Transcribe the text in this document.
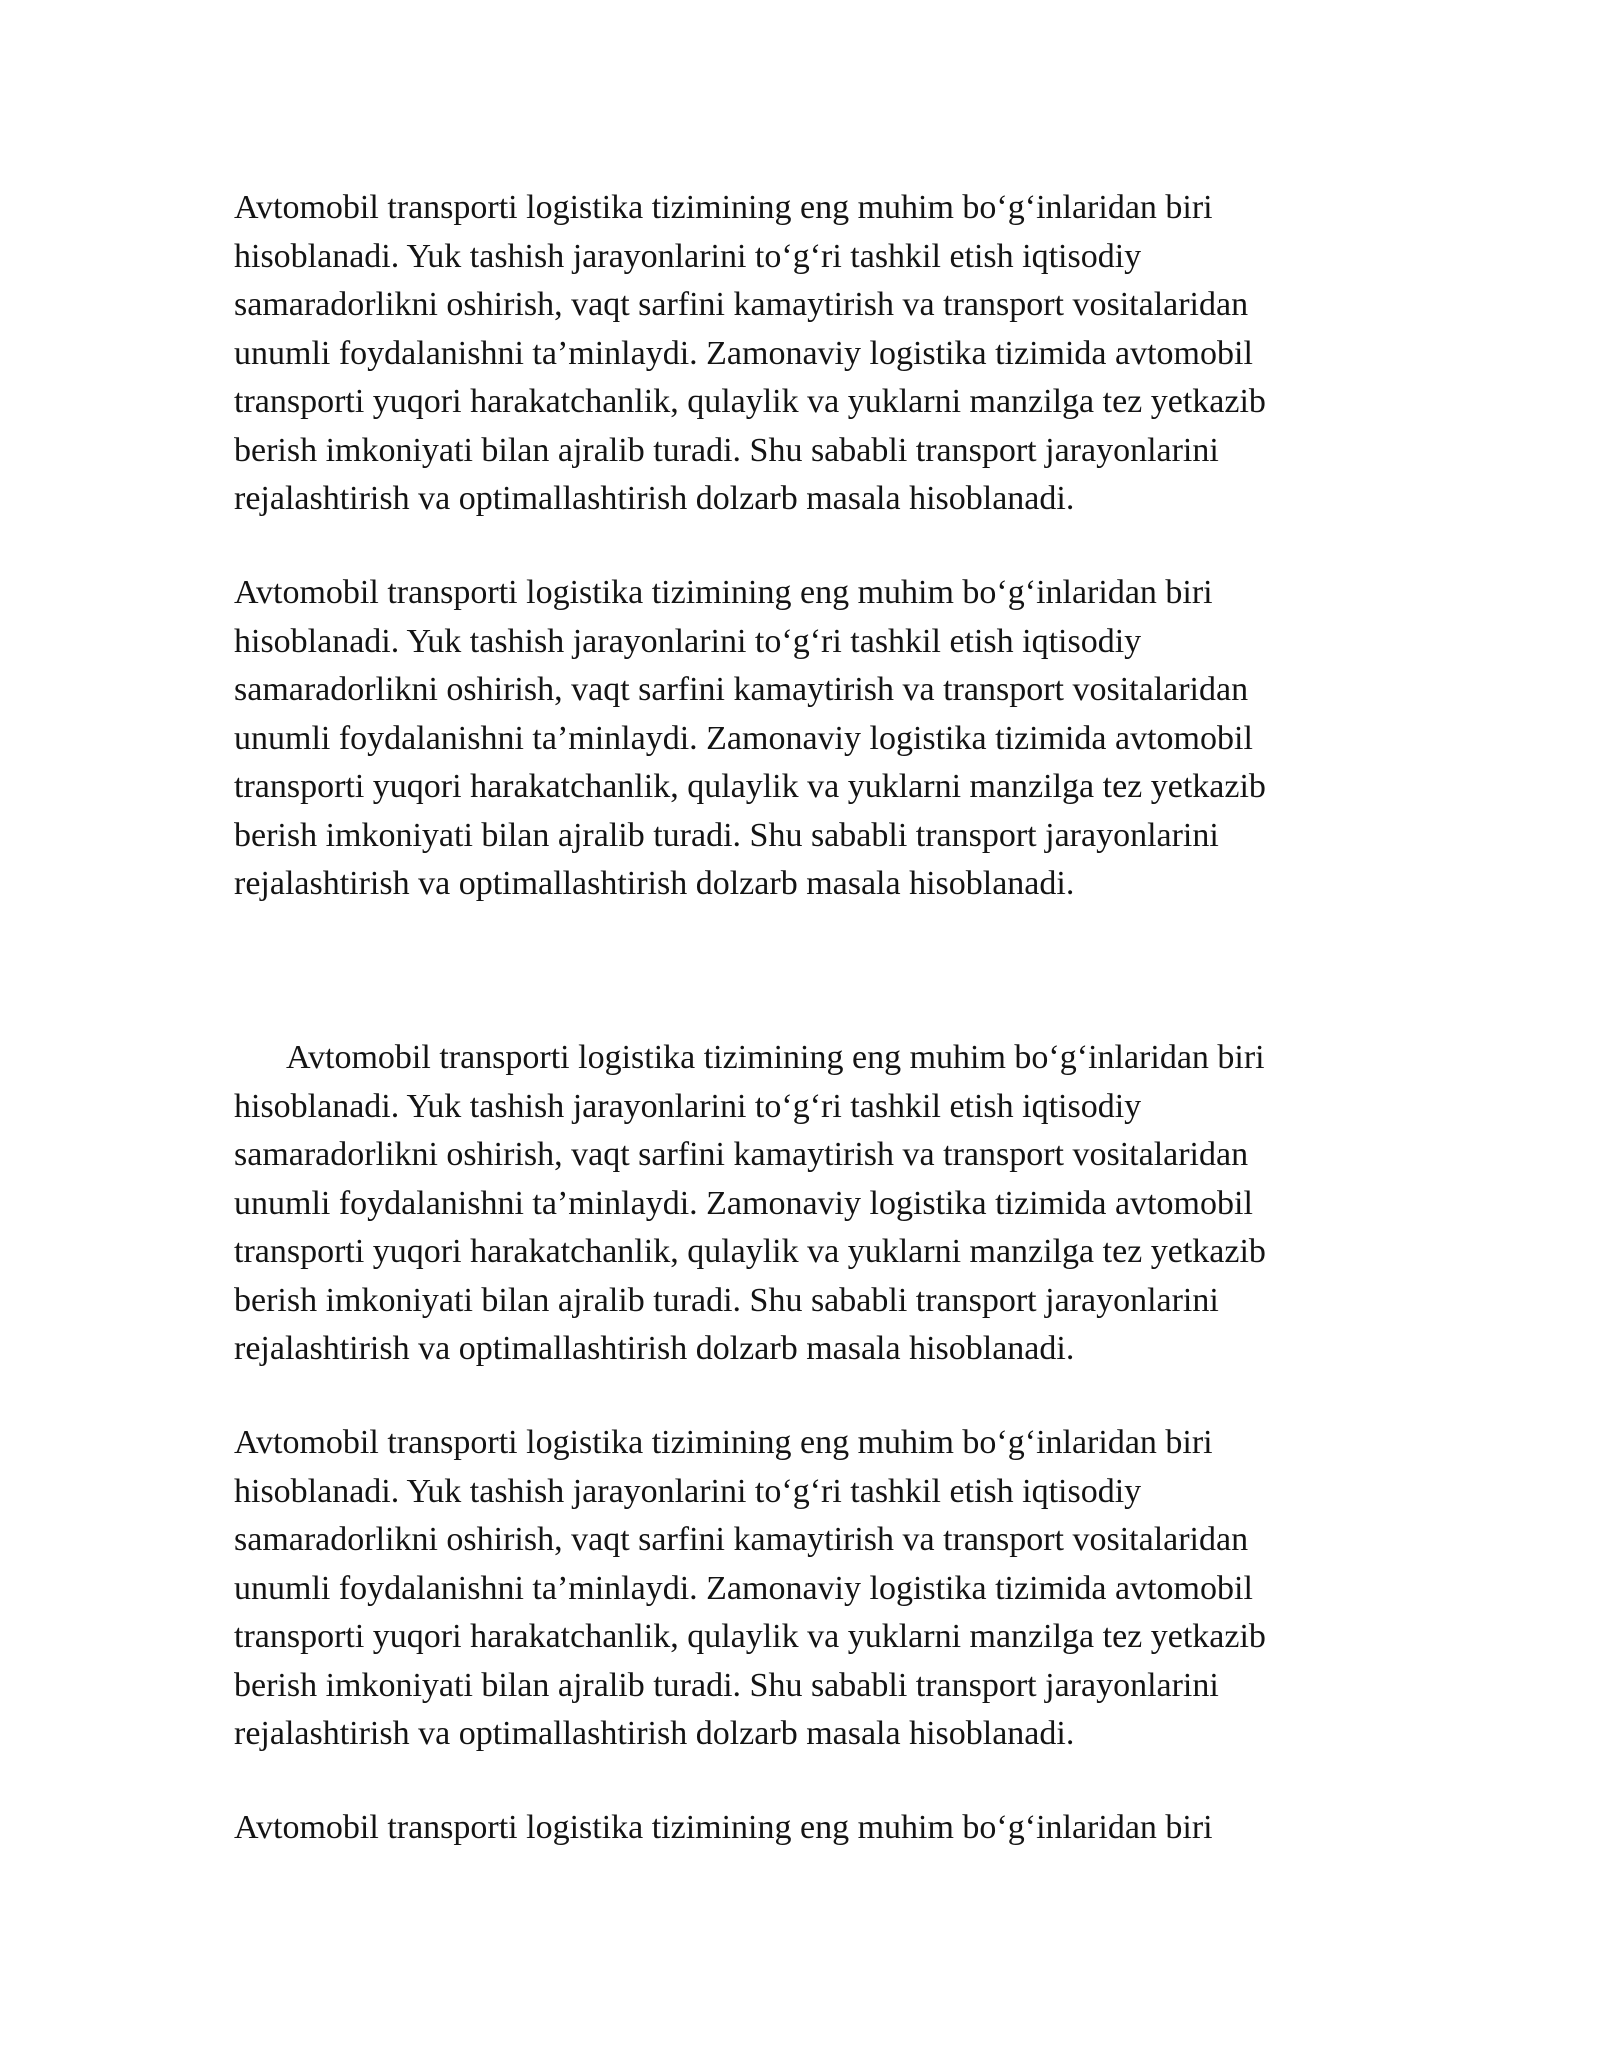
Avtomobil transporti logistika tizimining eng muhim bo‘g‘inlaridan biri
hisoblanadi. Yuk tashish jarayonlarini to‘g‘ri tashkil etish iqtisodiy
samaradorlikni oshirish, vaqt sarfini kamaytirish va transport vositalaridan
unumli foydalanishni ta’minlaydi. Zamonaviy logistika tizimida avtomobil
transporti yuqori harakatchanlik, qulaylik va yuklarni manzilga tez yetkazib
berish imkoniyati bilan ajralib turadi. Shu sababli transport jarayonlarini
rejalashtirish va optimallashtirish dolzarb masala hisoblanadi.

Avtomobil transporti logistika tizimining eng muhim bo‘g‘inlaridan biri
hisoblanadi. Yuk tashish jarayonlarini to‘g‘ri tashkil etish iqtisodiy
samaradorlikni oshirish, vaqt sarfini kamaytirish va transport vositalaridan
unumli foydalanishni ta’minlaydi. Zamonaviy logistika tizimida avtomobil
transporti yuqori harakatchanlik, qulaylik va yuklarni manzilga tez yetkazib
berish imkoniyati bilan ajralib turadi. Shu sababli transport jarayonlarini
rejalashtirish va optimallashtirish dolzarb masala hisoblanadi.

Avtomobil transporti logistika tizimining eng muhim bo‘g‘inlaridan biri
hisoblanadi. Yuk tashish jarayonlarini to‘g‘ri tashkil etish iqtisodiy
samaradorlikni oshirish, vaqt sarfini kamaytirish va transport vositalaridan
unumli foydalanishni ta’minlaydi. Zamonaviy logistika tizimida avtomobil
transporti yuqori harakatchanlik, qulaylik va yuklarni manzilga tez yetkazib
berish imkoniyati bilan ajralib turadi. Shu sababli transport jarayonlarini
rejalashtirish va optimallashtirish dolzarb masala hisoblanadi.

Avtomobil transporti logistika tizimining eng muhim bo‘g‘inlaridan biri
hisoblanadi. Yuk tashish jarayonlarini to‘g‘ri tashkil etish iqtisodiy
samaradorlikni oshirish, vaqt sarfini kamaytirish va transport vositalaridan
unumli foydalanishni ta’minlaydi. Zamonaviy logistika tizimida avtomobil
transporti yuqori harakatchanlik, qulaylik va yuklarni manzilga tez yetkazib
berish imkoniyati bilan ajralib turadi. Shu sababli transport jarayonlarini
rejalashtirish va optimallashtirish dolzarb masala hisoblanadi.

Avtomobil transporti logistika tizimining eng muhim bo‘g‘inlaridan biri
